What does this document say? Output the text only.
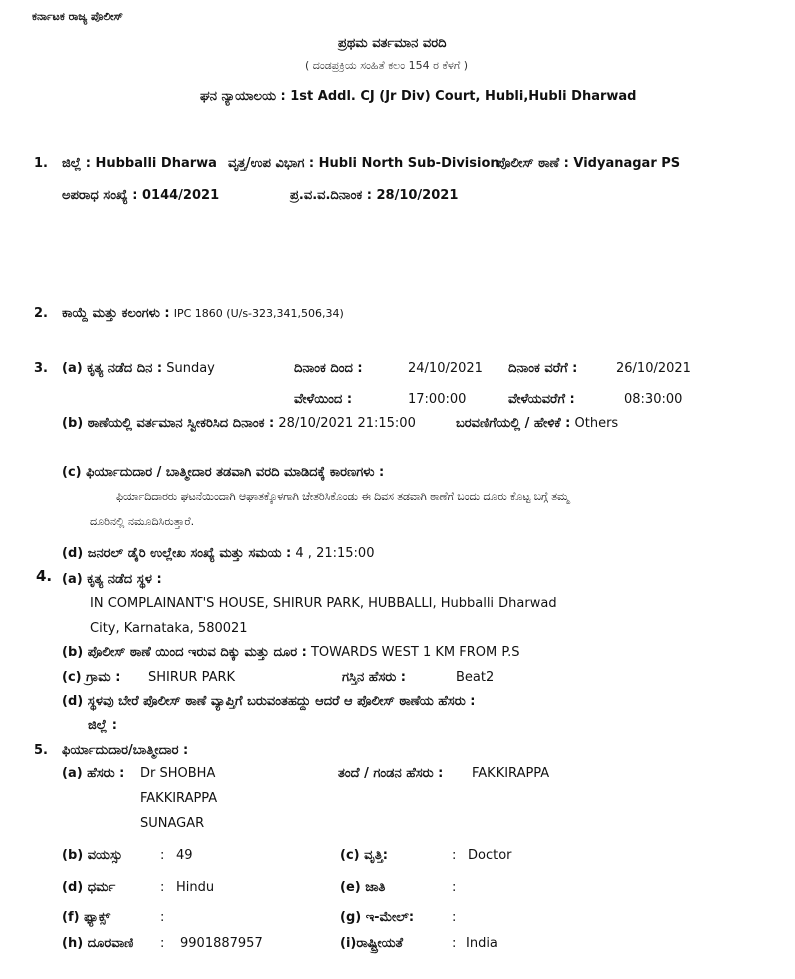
ಕರ್ನಾಟಕ ರಾಜ್ಯ ಪೊಲೀಸ್
ಪ್ರಥಮ ವರ್ತಮಾನ ವರದಿ
( ದಂಡಪ್ರಕ್ರಿಯ ಸಂಹಿತೆ ಕಲಂ 154 ರ ಕೆಳಗೆ )
ಘನ ನ್ಯಾಯಾಲಯ : 1st Addl. CJ (Jr Div) Court, Hubli,Hubli Dharwad
1. ಜಿಲ್ಲೆ : Hubballi Dharwa ವೃತ್ತ/ಉಪ ವಿಭಾಗ : Hubli North Sub-Division
ಪೊಲೀಸ್ ಠಾಣೆ : Vidyanagar PS
ಅಪರಾಧ ಸಂಖ್ಯೆ : 0144/2021	ಪ್ರ.ವ.ವ.ದಿನಾಂಕ : 28/10/2021
2. ಕಾಯ್ದೆ ಮತ್ತು ಕಲಂಗಳು : IPC 1860 (U/s-323,341,506,34)
3. (a) ಕೃತ್ಯ ನಡೆದ ದಿನ : Sunday	ದಿನಾಂಕ ದಿಂದ :	24/10/2021 ದಿನಾಂಕ ವರೆಗೆ :	26/10/2021
ವೇಳೆಯಿಂದ :	17:00:00	ವೇಳೆಯವರೆಗೆ :	08:30:00
(b) ಠಾಣೆಯಲ್ಲಿ ವರ್ತಮಾನ ಸ್ವೀಕರಿಸಿದ ದಿನಾಂಕ : 28/10/2021 21:15:00	ಬರವಣಿಗೆಯಲ್ಲಿ / ಹೇಳಿಕೆ : Others
(c) ಫಿರ್ಯಾದುದಾರ / ಬಾತ್ಮೀದಾರ ತಡವಾಗಿ ವರದಿ ಮಾಡಿದಕ್ಕೆ ಕಾರಣಗಳು :
ಫಿರ್ಯಾದಿದಾರರು ಘಟನೆಯಿಂದಾಗಿ ಆಘಾತಕ್ಕೊಳಗಾಗಿ ಚೇತರಿಸಿಕೊಂಡು ಈ ದಿವಸ ತಡವಾಗಿ ಠಾಣೆಗೆ ಬಂದು ದೂರು ಕೊಟ್ಟ ಬಗ್ಗೆ ತಮ್ಮ
ದೂರಿನಲ್ಲಿ ನಮೂದಿಸಿರುತ್ತಾರೆ.
(d) ಜನರಲ್ ಡೈರಿ ಉಲ್ಲೇಖ ಸಂಖ್ಯೆ ಮತ್ತು ಸಮಯ : 4 , 21:15:00
4. (a) ಕೃತ್ಯ ನಡೆದ ಸ್ಥಳ :
IN COMPLAINANT'S HOUSE, SHIRUR PARK, HUBBALLI, Hubballi Dharwad
City, Karnataka, 580021
(b) ಪೊಲೀಸ್ ಠಾಣೆ ಯಿಂದ ಇರುವ ದಿಕ್ಕು ಮತ್ತು ದೂರ : TOWARDS WEST 1 KM FROM P.S
(c) ಗ್ರಾಮ : SHIRUR PARK	ಗಸ್ತಿನ ಹೆಸರು :	Beat2
(d) ಸ್ಥಳವು ಬೇರೆ ಪೊಲೀಸ್ ಠಾಣೆ ವ್ಯಾಪ್ತಿಗೆ ಬರುವಂತಹದ್ದು ಆದರೆ ಆ ಪೊಲೀಸ್ ಠಾಣೆಯ ಹೆಸರು :
ಜಿಲ್ಲೆ :
5. ಫಿರ್ಯಾದುದಾರ/ಬಾತ್ಮೀದಾರ :
(a) ಹೆಸರು : Dr SHOBHA
FAKKIRAPPA
SUNAGAR
ತಂದೆ / ಗಂಡನ ಹೆಸರು : FAKKIRAPPA
(b) ವಯಸ್ಸು	: 49	(c) ವೃತ್ತಿ:	: Doctor
(d) ಧರ್ಮ	: Hindu	(e) ಜಾತಿ	:
(f) ಫ್ಯಾಕ್ಸ್	:	(g) ಇ-ಮೇಲ್:	:
(h) ದೂರವಾಣಿ : 9901887957	(i)ರಾಷ್ಟ್ರೀಯತೆ	: India
